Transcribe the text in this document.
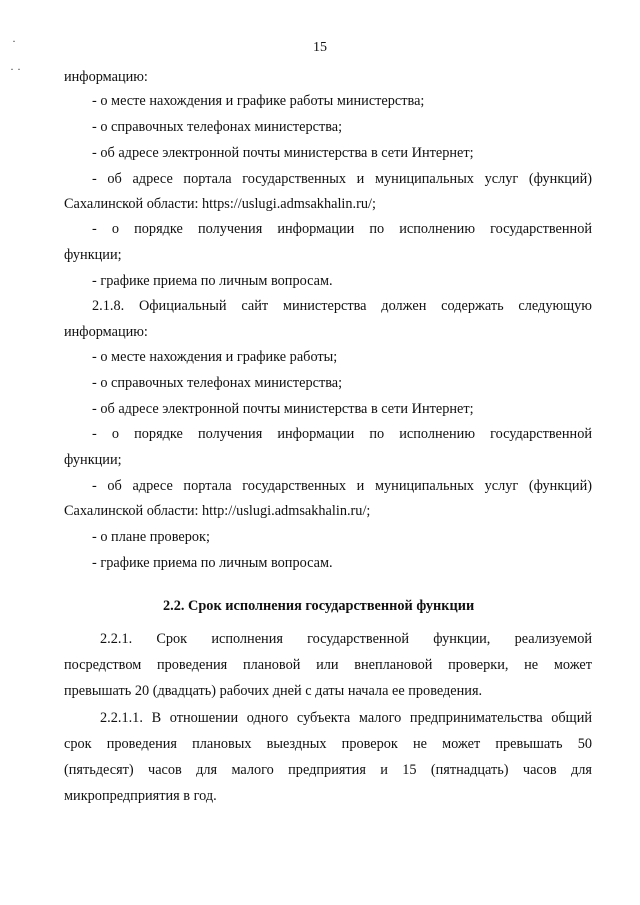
·
· ·
15
информацию:
- о месте нахождения и графике работы министерства;
- о справочных телефонах министерства;
- об адресе электронной почты министерства в сети Интернет;
- об адресе портала государственных и муниципальных услуг (функций)
Сахалинской области: https://uslugi.admsakhalin.ru/;
- о порядке получения информации по исполнению государственной
функции;
- графике приема по личным вопросам.
2.1.8. Официальный сайт министерства должен содержать следующую
информацию:
- о месте нахождения и графике работы;
- о справочных телефонах министерства;
- об адресе электронной почты министерства в сети Интернет;
- о порядке получения информации по исполнению государственной
функции;
- об адресе портала государственных и муниципальных услуг (функций)
Сахалинской области: http://uslugi.admsakhalin.ru/;
- о плане проверок;
- графике приема по личным вопросам.
2.2. Срок исполнения государственной функции
2.2.1. Срок исполнения государственной функции, реализуемой
посредством проведения плановой или внеплановой проверки, не может
превышать 20 (двадцать) рабочих дней с даты начала ее проведения.
2.2.1.1. В отношении одного субъекта малого предпринимательства общий
срок проведения плановых выездных проверок не может превышать 50
(пятьдесят) часов для малого предприятия и 15 (пятнадцать) часов для
микропредприятия в год.
